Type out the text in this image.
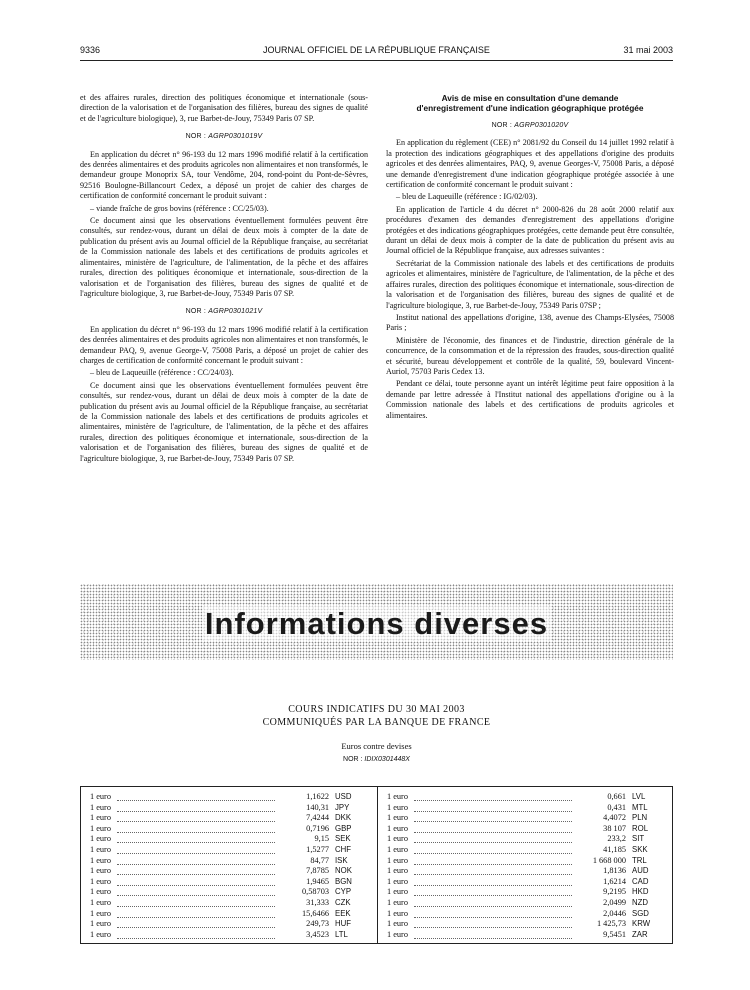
9336	JOURNAL OFFICIEL DE LA RÉPUBLIQUE FRANÇAISE	31 mai 2003

et des affaires rurales, direction des politiques économique et internationale (sous-direction de la valorisation et de l'organisation des filières, bureau des signes de qualité et de l'agriculture biologique), 3, rue Barbet-de-Jouy, 75349 Paris 07 SP.

NOR : AGRP0301019V

En application du décret n° 96-193 du 12 mars 1996 modifié relatif à la certification des denrées alimentaires et des produits agricoles non alimentaires et non transformés, le demandeur groupe Monoprix SA, tour Vendôme, 204, rond-point du Pont-de-Sèvres, 92516 Boulogne-Billancourt Cedex, a déposé un projet de cahier des charges de certification de conformité concernant le produit suivant :

– viande fraîche de gros bovins (référence : CC/25/03).

Ce document ainsi que les observations éventuellement formulées peuvent être consultés, sur rendez-vous, durant un délai de deux mois à compter de la date de publication du présent avis au Journal officiel de la République française, au secrétariat de la Commission nationale des labels et des certifications de produits agricoles et alimentaires, ministère de l'agriculture, de l'alimentation, de la pêche et des affaires rurales, direction des politiques économique et internationale, sous-direction de la valorisation et de l'organisation des filières, bureau des signes de qualité et de l'agriculture biologique, 3, rue Barbet-de-Jouy, 75349 Paris 07 SP.

NOR : AGRP0301021V

En application du décret n° 96-193 du 12 mars 1996 modifié relatif à la certification des denrées alimentaires et des produits agricoles non alimentaires et non transformés, le demandeur PAQ, 9, avenue George-V, 75008 Paris, a déposé un projet de cahier des charges de certification de conformité concernant le produit suivant :

– bleu de Laqueuille (référence : CC/24/03).

Ce document ainsi que les observations éventuellement formulées peuvent être consultés, sur rendez-vous, durant un délai de deux mois à compter de la date de publication du présent avis au Journal officiel de la République française, au secrétariat de la Commission nationale des labels et des certifications de produits agricoles et alimentaires, ministère de l'agriculture, de l'alimentation, de la pêche et des affaires rurales, direction des politiques économique et internationale, sous-direction de la valorisation et de l'organisation des filières, bureau des signes de qualité et de l'agriculture biologique, 3, rue Barbet-de-Jouy, 75349 Paris 07 SP.

Avis de mise en consultation d'une demande
d'enregistrement d'une indication géographique protégée
NOR : AGRP0301020V

En application du règlement (CEE) n° 2081/92 du Conseil du 14 juillet 1992 relatif à la protection des indications géographiques et des appellations d'origine des produits agricoles et des denrées alimentaires, PAQ, 9, avenue Georges-V, 75008 Paris, a déposé une demande d'enregistrement d'une indication géographique protégée associée à une certification de conformité concernant le produit suivant :

– bleu de Laqueuille (référence : IG/02/03).

En application de l'article 4 du décret n° 2000-826 du 28 août 2000 relatif aux procédures d'examen des demandes d'enregistrement des appellations d'origine protégées et des indications géographiques protégées, cette demande peut être consultée, durant un délai de deux mois à compter de la date de publication du présent avis au Journal officiel de la République française, aux adresses suivantes :

Secrétariat de la Commission nationale des labels et des certifications de produits agricoles et alimentaires, ministère de l'agriculture, de l'alimentation, de la pêche et des affaires rurales, direction des politiques économique et internationale, sous-direction de la valorisation et de l'organisation des filières, bureau des signes de qualité et de l'agriculture biologique, 3, rue Barbet-de-Jouy, 75349 Paris 07SP ;

Institut national des appellations d'origine, 138, avenue des Champs-Elysées, 75008 Paris ;

Ministère de l'économie, des finances et de l'industrie, direction générale de la concurrence, de la consommation et de la répression des fraudes, sous-direction qualité et sécurité, bureau développement et contrôle de la qualité, 59, boulevard Vincent-Auriol, 75703 Paris Cedex 13.

Pendant ce délai, toute personne ayant un intérêt légitime peut faire opposition à la demande par lettre adressée à l'Institut national des appellations d'origine ou à la Commission nationale des labels et des certifications de produits agricoles et alimentaires.

Informations diverses
COURS INDICATIFS DU 30 MAI 2003
COMMUNIQUÉS PAR LA BANQUE DE FRANCE
Euros contre devises
NOR : IDIX0301448X
1 euro	1,1622 USD
1 euro	140,31 JPY
1 euro	7,4244 DKK
1 euro	0,7196 GBP
1 euro	9,15 SEK
1 euro	1,5277 CHF
1 euro	84,77 ISK
1 euro	7,8785 NOK
1 euro	1,9465 BGN
1 euro	0,58703 CYP
1 euro	31,333 CZK
1 euro	15,6466 EEK
1 euro	249,73 HUF
1 euro	3,4523 LTL
1 euro	0,661 LVL
1 euro	0,431 MTL
1 euro	4,4072 PLN
1 euro	38 107 ROL
1 euro	233,2 SIT
1 euro	41,185 SKK
1 euro	1 668 000 TRL
1 euro	1,8136 AUD
1 euro	1,6214 CAD
1 euro	9,2195 HKD
1 euro	2,0499 NZD
1 euro	2,0446 SGD
1 euro	1 425,73 KRW
1 euro	9,5451 ZAR
